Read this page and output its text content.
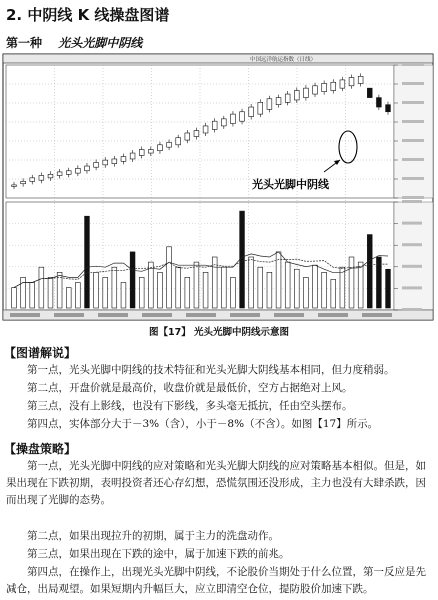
2. 中阴线 K 线操盘图谱
第一种 光头光脚中阴线
中国远洋航运指数（日线）
光头光脚中阴线
图【17】 光头光脚中阴线示意图
【图谱解说】

第一点，光头光脚中阴线的技术特征和光头光脚大阴线基本相同，但力度稍弱。

第二点，开盘价就是最高价，收盘价就是最低价，空方占据绝对上风。

第三点，没有上影线，也没有下影线，多头毫无抵抗，任由空头摆布。

第四点，实体部分大于－3%（含），小于－8%（不含）。如图【17】所示。

【操盘策略】

第一点，光头光脚中阴线的应对策略和光头光脚大阴线的应对策略基本相似。但是，如果出现在下跌初期，表明投资者还心存幻想，恐慌氛围还没形成，主力也没有大肆杀跌，因而出现了光脚的态势。

第二点，如果出现拉升的初期，属于主力的洗盘动作。

第三点，如果出现在下跌的途中，属于加速下跌的前兆。

第四点，在操作上，出现光头光脚中阴线，不论股价当期处于什么位置，第一反应是先减仓，出局观望。如果短期内升幅巨大，应立即清空仓位，提防股价加速下跌。
